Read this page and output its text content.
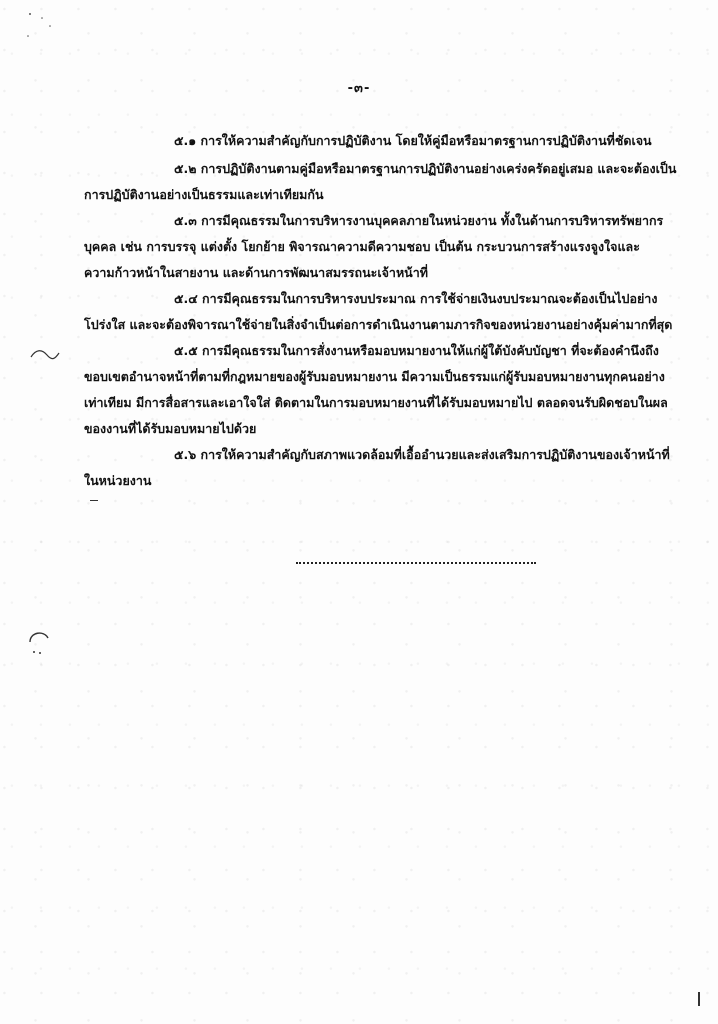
-๓-
๕.๑ การให้ความสำคัญกับการปฏิบัติงาน โดยให้คู่มือหรือมาตรฐานการปฏิบัติงานที่ชัดเจน
๕.๒ การปฏิบัติงานตามคู่มือหรือมาตรฐานการปฏิบัติงานอย่างเคร่งครัดอยู่เสมอ และจะต้องเป็น
การปฏิบัติงานอย่างเป็นธรรมและเท่าเทียมกัน
๕.๓ การมีคุณธรรมในการบริหารงานบุคคลภายในหน่วยงาน ทั้งในด้านการบริหารทรัพยากร
บุคคล เช่น การบรรจุ แต่งตั้ง โยกย้าย พิจารณาความดีความชอบ เป็นต้น กระบวนการสร้างแรงจูงใจและ
ความก้าวหน้าในสายงาน และด้านการพัฒนาสมรรถนะเจ้าหน้าที่
๕.๔ การมีคุณธรรมในการบริหารงบประมาณ การใช้จ่ายเงินงบประมาณจะต้องเป็นไปอย่าง
โปร่งใส และจะต้องพิจารณาใช้จ่ายในสิ่งจำเป็นต่อการดำเนินงานตามภารกิจของหน่วยงานอย่างคุ้มค่ามากที่สุด
๕.๕ การมีคุณธรรมในการสั่งงานหรือมอบหมายงานให้แก่ผู้ใต้บังคับบัญชา ที่จะต้องคำนึงถึง
ขอบเขตอำนาจหน้าที่ตามที่กฎหมายของผู้รับมอบหมายงาน มีความเป็นธรรมแก่ผู้รับมอบหมายงานทุกคนอย่าง
เท่าเทียม มีการสื่อสารและเอาใจใส่ ติดตามในการมอบหมายงานที่ได้รับมอบหมายไป ตลอดจนรับผิดชอบในผล
ของงานที่ได้รับมอบหมายไปด้วย
๕.๖ การให้ความสำคัญกับสภาพแวดล้อมที่เอื้ออำนวยและส่งเสริมการปฏิบัติงานของเจ้าหน้าที่
ในหน่วยงาน
